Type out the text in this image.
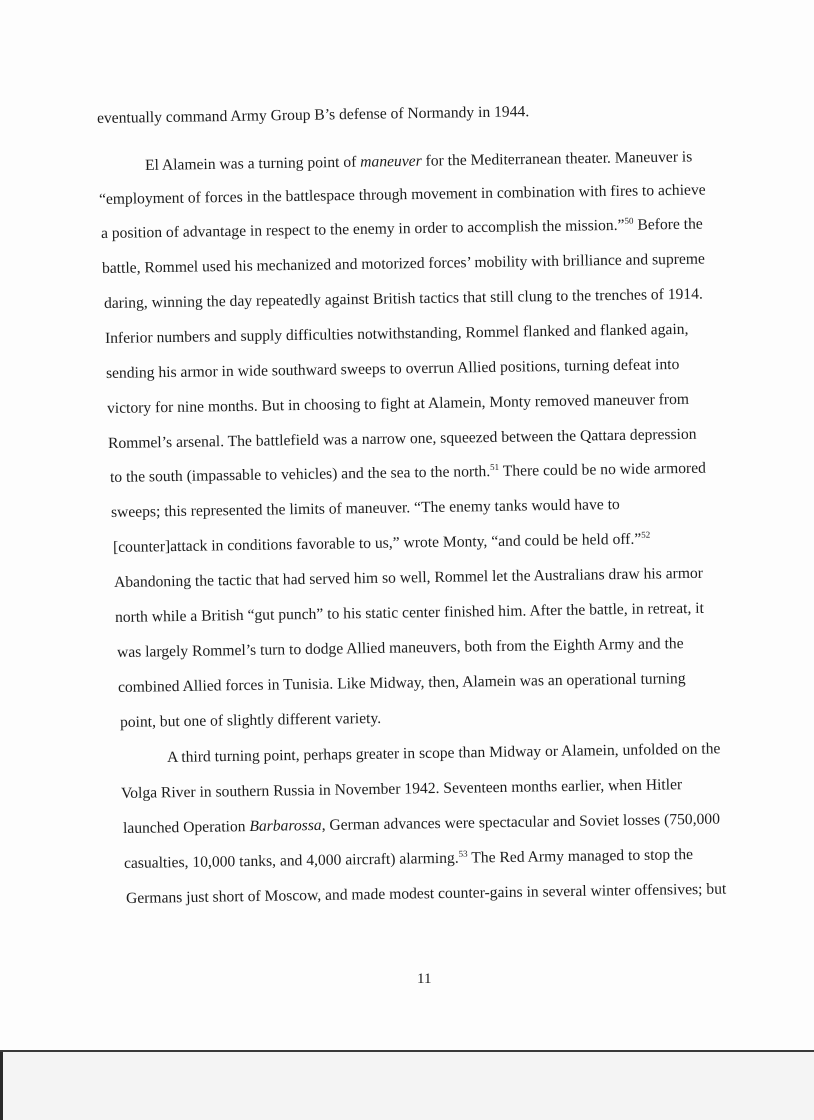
eventually command Army Group B’s defense of Normandy in 1944.
El Alamein was a turning point of maneuver for the Mediterranean theater. Maneuver is
“employment of forces in the battlespace through movement in combination with fires to achieve
a position of advantage in respect to the enemy in order to accomplish the mission.”$^{50}$ Before the
battle, Rommel used his mechanized and motorized forces’ mobility with brilliance and supreme
daring, winning the day repeatedly against British tactics that still clung to the trenches of 1914.
Inferior numbers and supply difficulties notwithstanding, Rommel flanked and flanked again,
sending his armor in wide southward sweeps to overrun Allied positions, turning defeat into
victory for nine months. But in choosing to fight at Alamein, Monty removed maneuver from
Rommel’s arsenal. The battlefield was a narrow one, squeezed between the Qattara depression
to the south (impassable to vehicles) and the sea to the north.$^{51}$ There could be no wide armored
sweeps; this represented the limits of maneuver. “The enemy tanks would have to
[counter]attack in conditions favorable to us,” wrote Monty, “and could be held off.”$^{52}$
Abandoning the tactic that had served him so well, Rommel let the Australians draw his armor
north while a British “gut punch” to his static center finished him. After the battle, in retreat, it
was largely Rommel’s turn to dodge Allied maneuvers, both from the Eighth Army and the
combined Allied forces in Tunisia. Like Midway, then, Alamein was an operational turning
point, but one of slightly different variety.
A third turning point, perhaps greater in scope than Midway or Alamein, unfolded on the
Volga River in southern Russia in November 1942. Seventeen months earlier, when Hitler
launched Operation Barbarossa, German advances were spectacular and Soviet losses (750,000
casualties, 10,000 tanks, and 4,000 aircraft) alarming.$^{53}$ The Red Army managed to stop the
Germans just short of Moscow, and made modest counter-gains in several winter offensives; but
11
